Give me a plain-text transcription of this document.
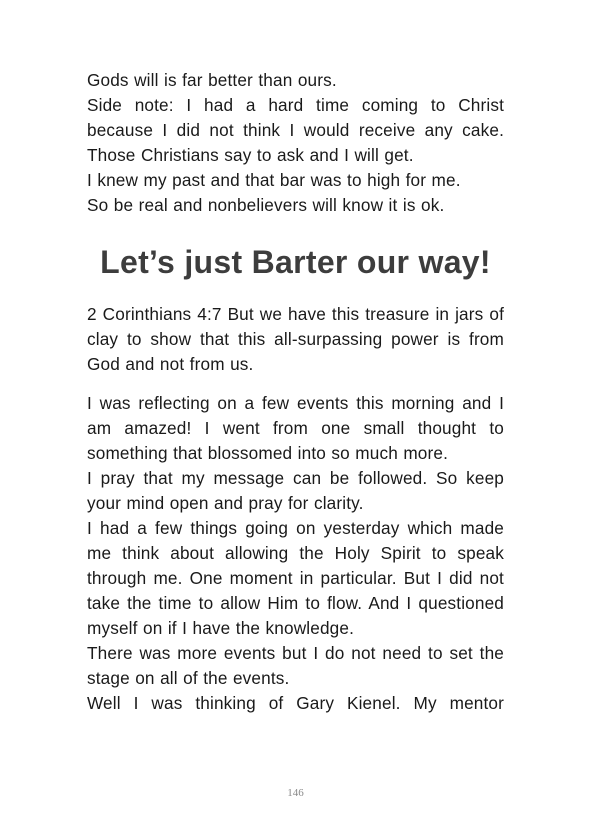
Gods will is far better than ours.

Side note: I had a hard time coming to Christ because I did not think I would receive any cake. Those Christians say to ask and I will get.

I knew my past and that bar was to high for me.

So be real and nonbelievers will know it is ok.

Let’s just Barter our way!

2 Corinthians 4:7 But we have this treasure in jars of clay to show that this all-surpassing power is from God and not from us.

I was reflecting on a few events this morning and I am amazed! I went from one small thought to something that blossomed into so much more.

I pray that my message can be followed. So keep your mind open and pray for clarity.

I had a few things going on yesterday which made me think about allowing the Holy Spirit to speak through me. One moment in particular. But I did not take the time to allow Him to flow. And I questioned myself on if I have the knowledge.

There was more events but I do not need to set the stage on all of the events.

Well I was thinking of Gary Kienel. My mentor

146
